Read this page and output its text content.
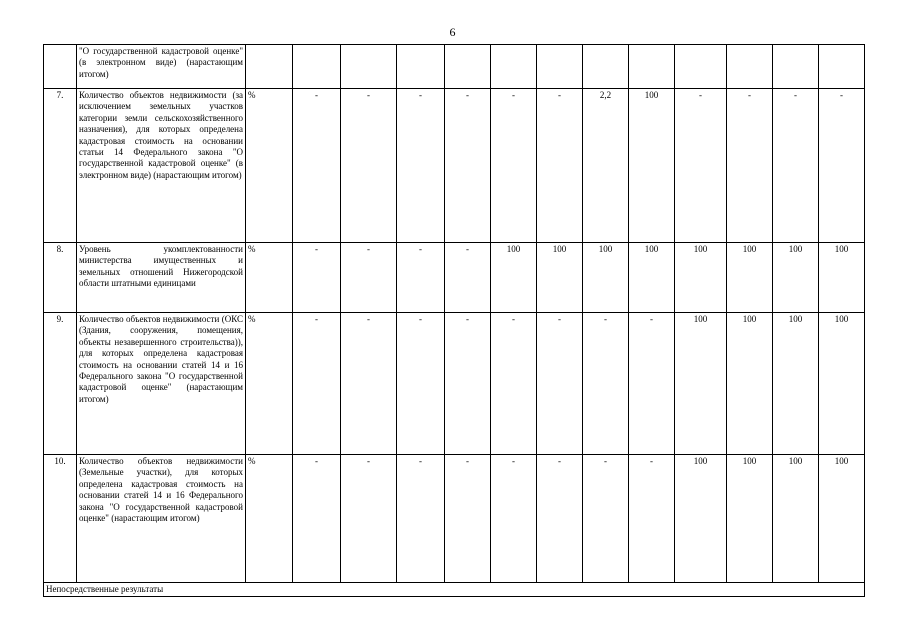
6
	"О государственной кадастровой оценке" (в электронном виде) (нарастающим итогом)													
7.	Количество объектов недвижимости (за исключением земельных участков категории земли сельскохозяйственного назначения), для которых определена кадастровая стоимость на основании статьи 14 Федерального закона "О государственной кадастровой оценке" (в электронном виде) (нарастающим итогом)	%	-	-	-	-	-	-	2,2	100	-	-	-	-
8.	Уровень укомплектованности министерства имущественных и земельных отношений Нижегородской области штатными единицами	%	-	-	-	-	100	100	100	100	100	100	100	100
9.	Количество объектов недвижимости (ОКС (Здания, сооружения, помещения, объекты незавершенного строительства)), для которых определена кадастровая стоимость на основании статей 14 и 16 Федерального закона "О государственной кадастровой оценке" (нарастающим итогом)	%	-	-	-	-	-	-	-	-	100	100	100	100
10.	Количество объектов недвижимости (Земельные участки), для которых определена кадастровая стоимость на основании статей 14 и 16 Федерального закона "О государственной кадастровой оценке" (нарастающим итогом)	%	-	-	-	-	-	-	-	-	100	100	100	100
Непосредственные результаты														
